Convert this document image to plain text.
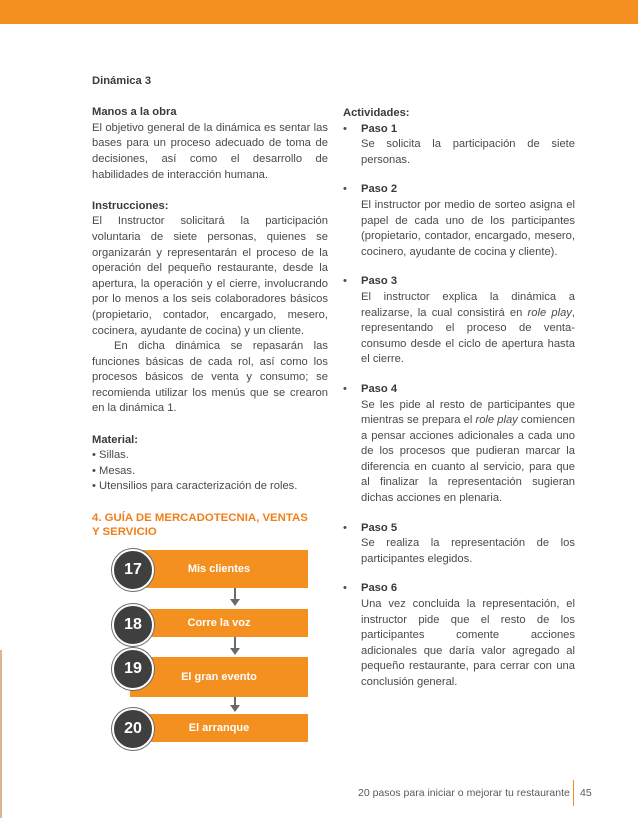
Dinámica 3
Manos a la obra

El objetivo general de la dinámica es sentar las bases para un proceso adecuado de toma de decisiones, así como el desarrollo de habilidades de interacción humana.

Instrucciones:

El Instructor solicitará la participación voluntaria de siete personas, quienes se organizarán y representarán el proceso de la operación del pequeño restaurante, desde la apertura, la operación y el cierre, involucrando por lo menos a los seis colaboradores básicos (propietario, contador, encargado, mesero, cocinera, ayudante de cocina) y un cliente.

En dicha dinámica se repasarán las funciones básicas de cada rol, así como los procesos básicos de venta y consumo; se recomienda utilizar los menús que se crearon en la dinámica 1.

Material:
• Sillas.
• Mesas.
• Utensilios para caracterización de roles.
4. GUÍA DE MERCADOTECNIA, VENTAS
Y SERVICIO
Mis clientes
17
Corre la voz
18
El gran evento
19
El arranque
20
Actividades:
• Paso 1
Se solicita la participación de siete personas.
• Paso 2
El instructor por medio de sorteo asigna el papel de cada uno de los participantes (propietario, contador, encargado, mesero, cocinero, ayudante de cocina y cliente).
• Paso 3
El instructor explica la dinámica a realizarse, la cual consistirá en role play, representando el proceso de venta-consumo desde el ciclo de apertura hasta el cierre.
• Paso 4
Se les pide al resto de participantes que mientras se prepara el role play comiencen a pensar acciones adicionales a cada uno de los procesos que pudieran marcar la diferencia en cuanto al servicio, para que al finalizar la representación sugieran dichas acciones en plenaria.
• Paso 5
Se realiza la representación de los participantes elegidos.
• Paso 6
Una vez concluida la representación, el instructor pide que el resto de los participantes comente acciones adicionales que daría valor agregado al pequeño restaurante, para cerrar con una conclusión general.
20 pasos para iniciar o mejorar tu restaurante 45
